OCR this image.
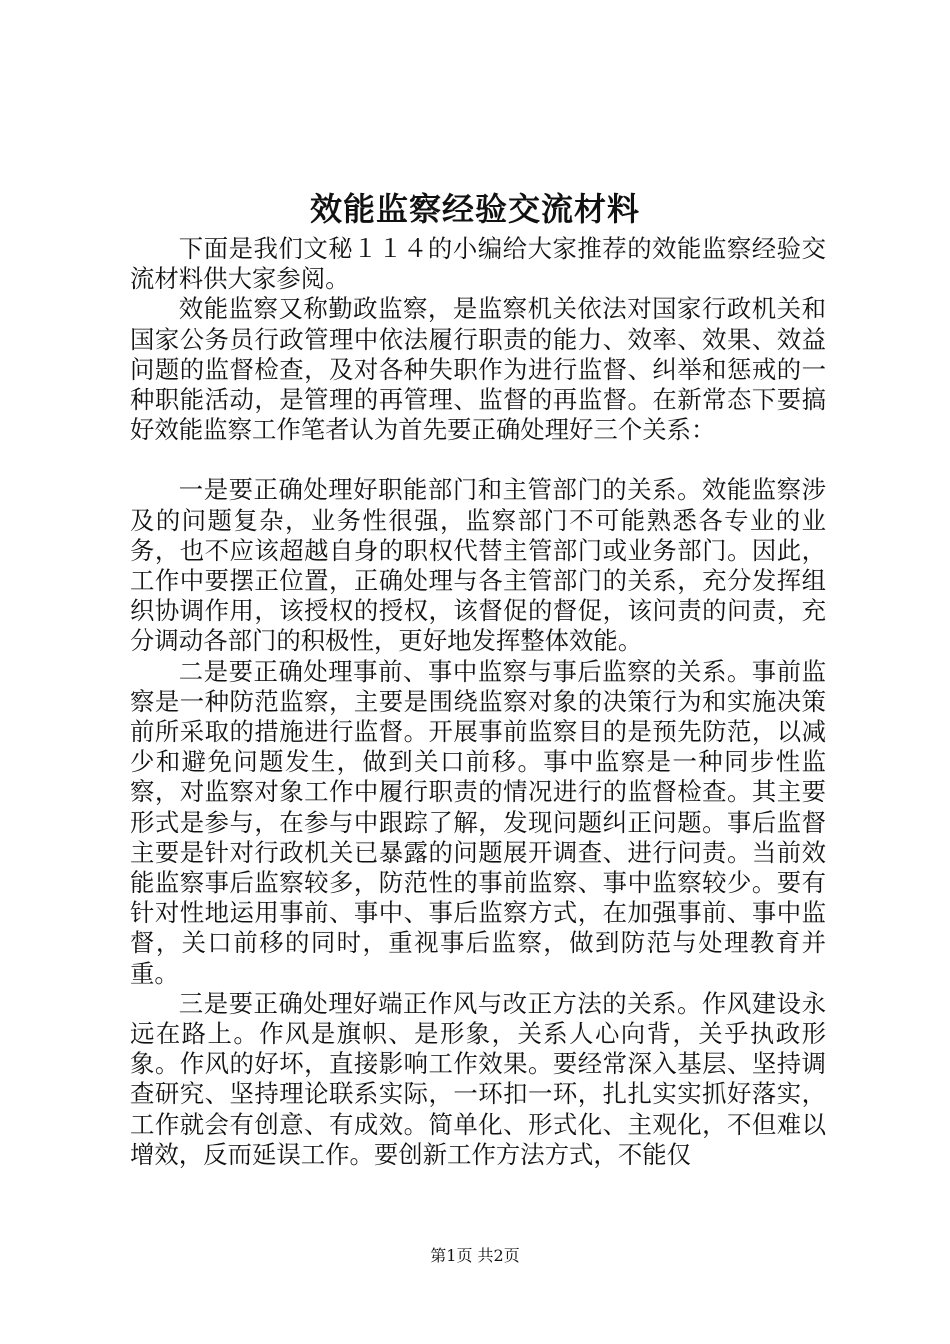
效能监察经验交流材料

下面是我们文秘１１４的小编给大家推荐的效能监察经验交流材料供大家参阅。

效能监察又称勤政监察，是监察机关依法对国家行政机关和国家公务员行政管理中依法履行职责的能力、效率、效果、效益问题的监督检查，及对各种失职作为进行监督、纠举和惩戒的一种职能活动，是管理的再管理、监督的再监督。在新常态下要搞好效能监察工作笔者认为首先要正确处理好三个关系：

一是要正确处理好职能部门和主管部门的关系。效能监察涉及的问题复杂，业务性很强，监察部门不可能熟悉各专业的业务，也不应该超越自身的职权代替主管部门或业务部门。因此，工作中要摆正位置，正确处理与各主管部门的关系，充分发挥组织协调作用，该授权的授权，该督促的督促，该问责的问责，充分调动各部门的积极性，更好地发挥整体效能。

二是要正确处理事前、事中监察与事后监察的关系。事前监察是一种防范监察，主要是围绕监察对象的决策行为和实施决策前所采取的措施进行监督。开展事前监察目的是预先防范，以减少和避免问题发生，做到关口前移。事中监察是一种同步性监察，对监察对象工作中履行职责的情况进行的监督检查。其主要形式是参与，在参与中跟踪了解，发现问题纠正问题。事后监督主要是针对行政机关已暴露的问题展开调查、进行问责。当前效能监察事后监察较多，防范性的事前监察、事中监察较少。要有针对性地运用事前、事中、事后监察方式，在加强事前、事中监督，关口前移的同时，重视事后监察，做到防范与处理教育并重。

三是要正确处理好端正作风与改正方法的关系。作风建设永远在路上。作风是旗帜、是形象，关系人心向背，关乎执政形象。作风的好坏，直接影响工作效果。要经常深入基层、坚持调查研究、坚持理论联系实际，一环扣一环，扎扎实实抓好落实，工作就会有创意、有成效。简单化、形式化、主观化，不但难以增效，反而延误工作。要创新工作方法方式，不能仅

第1页 共2页
